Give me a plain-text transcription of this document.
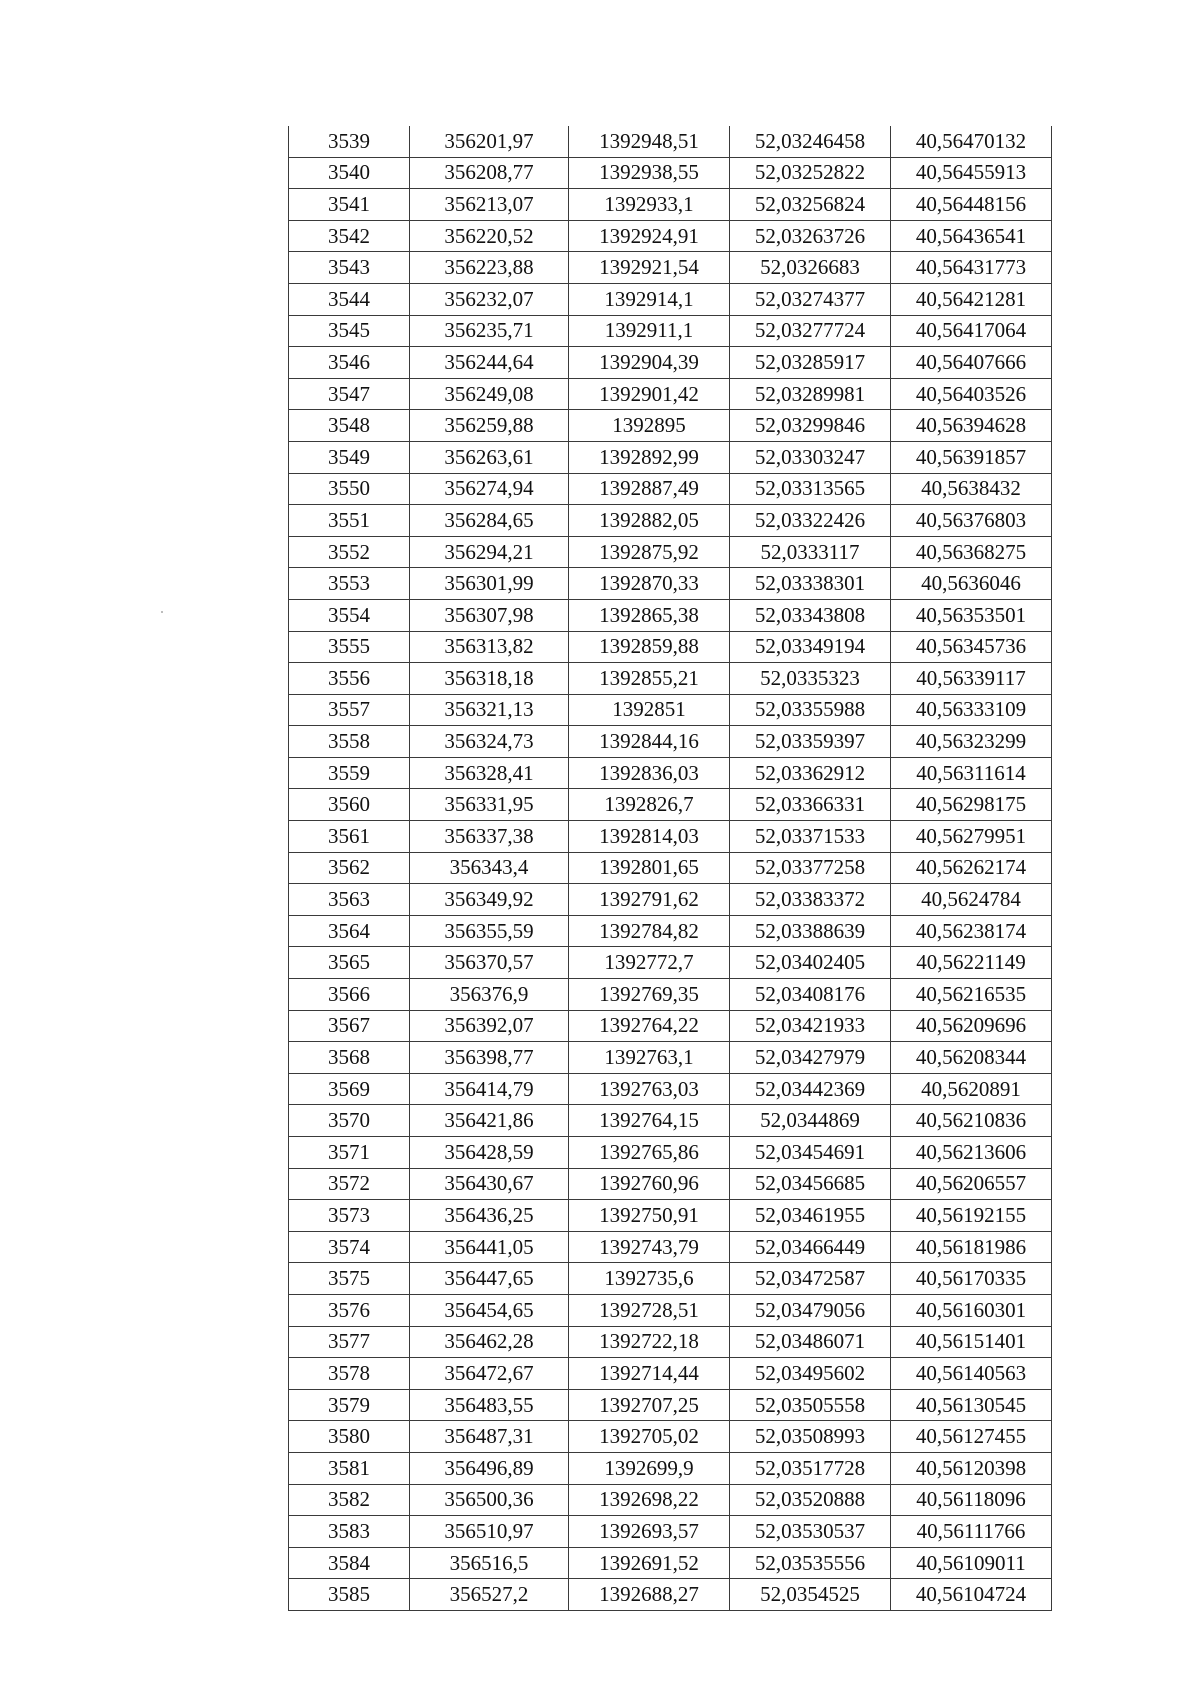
3539	356201,97	1392948,51	52,03246458	40,56470132
3540	356208,77	1392938,55	52,03252822	40,56455913
3541	356213,07	1392933,1	52,03256824	40,56448156
3542	356220,52	1392924,91	52,03263726	40,56436541
3543	356223,88	1392921,54	52,0326683	40,56431773
3544	356232,07	1392914,1	52,03274377	40,56421281
3545	356235,71	1392911,1	52,03277724	40,56417064
3546	356244,64	1392904,39	52,03285917	40,56407666
3547	356249,08	1392901,42	52,03289981	40,56403526
3548	356259,88	1392895	52,03299846	40,56394628
3549	356263,61	1392892,99	52,03303247	40,56391857
3550	356274,94	1392887,49	52,03313565	40,5638432
3551	356284,65	1392882,05	52,03322426	40,56376803
3552	356294,21	1392875,92	52,0333117	40,56368275
3553	356301,99	1392870,33	52,03338301	40,5636046
3554	356307,98	1392865,38	52,03343808	40,56353501
3555	356313,82	1392859,88	52,03349194	40,56345736
3556	356318,18	1392855,21	52,0335323	40,56339117
3557	356321,13	1392851	52,03355988	40,56333109
3558	356324,73	1392844,16	52,03359397	40,56323299
3559	356328,41	1392836,03	52,03362912	40,56311614
3560	356331,95	1392826,7	52,03366331	40,56298175
3561	356337,38	1392814,03	52,03371533	40,56279951
3562	356343,4	1392801,65	52,03377258	40,56262174
3563	356349,92	1392791,62	52,03383372	40,5624784
3564	356355,59	1392784,82	52,03388639	40,56238174
3565	356370,57	1392772,7	52,03402405	40,56221149
3566	356376,9	1392769,35	52,03408176	40,56216535
3567	356392,07	1392764,22	52,03421933	40,56209696
3568	356398,77	1392763,1	52,03427979	40,56208344
3569	356414,79	1392763,03	52,03442369	40,5620891
3570	356421,86	1392764,15	52,0344869	40,56210836
3571	356428,59	1392765,86	52,03454691	40,56213606
3572	356430,67	1392760,96	52,03456685	40,56206557
3573	356436,25	1392750,91	52,03461955	40,56192155
3574	356441,05	1392743,79	52,03466449	40,56181986
3575	356447,65	1392735,6	52,03472587	40,56170335
3576	356454,65	1392728,51	52,03479056	40,56160301
3577	356462,28	1392722,18	52,03486071	40,56151401
3578	356472,67	1392714,44	52,03495602	40,56140563
3579	356483,55	1392707,25	52,03505558	40,56130545
3580	356487,31	1392705,02	52,03508993	40,56127455
3581	356496,89	1392699,9	52,03517728	40,56120398
3582	356500,36	1392698,22	52,03520888	40,56118096
3583	356510,97	1392693,57	52,03530537	40,56111766
3584	356516,5	1392691,52	52,03535556	40,56109011
3585	356527,2	1392688,27	52,0354525	40,56104724
